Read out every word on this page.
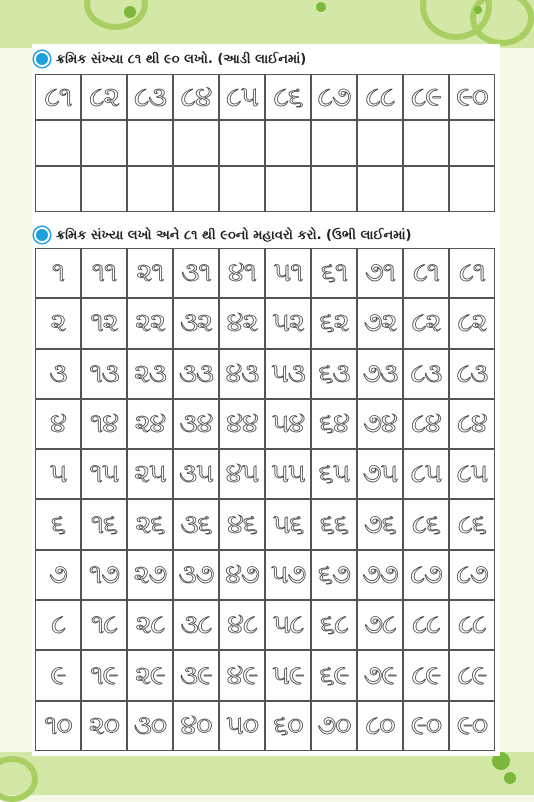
ક્રમિક સંખ્યા ૮૧ થી ૯૦ લખો. (આડી લાઈનમાં)
૮૧ ૮૨ ૮૩ ૮૪ ૮૫ ૮૬ ૮૭ ૮૮ ૮૯ ૯૦
ક્રમિક સંખ્યા લખો અને ૮૧ થી ૯૦નો મહાવરો કરો. (ઉભી લાઈનમાં)
૧	૧૧ ૨૧ ૩૧ ૪૧ ૫૧ ૬૧ ૭૧ ૮૧ ૮૧
૨ ૧૨ ૨૨ ૩૨ ૪૨ ૫૨ ૬૨ ૭૨ ૮૨ ૮૨
૩ ૧૩ ૨૩ ૩૩ ૪૩ ૫૩ ૬૩ ૭૩ ૮૩ ૮૩
૪ ૧૪ ૨૪ ૩૪ ૪૪ ૫૪ ૬૪ ૭૪ ૮૪ ૮૪
૫ ૧૫ ૨૫ ૩૫ ૪૫ ૫૫ ૬૫ ૭૫ ૮૫ ૮૫
૬ ૧૬ ૨૬ ૩૬ ૪૬ ૫૬ ૬૬ ૭૬ ૮૬ ૮૬
૭ ૧૭ ૨૭ ૩૭ ૪૭ ૫૭ ૬૭ ૭૭ ૮૭ ૮૭
૮ ૧૮ ૨૮ ૩૮ ૪૮ ૫૮ ૬૮ ૭૮ ૮૮ ૮૮
૯ ૧૯ ૨૯ ૩૯ ૪૯ ૫૯ ૬૯ ૭૯ ૮૯ ૮૯
૧૦ ૨૦ ૩૦ ૪૦ ૫૦ ૬૦ ૭૦ ૮૦ ૯૦ ૯૦
